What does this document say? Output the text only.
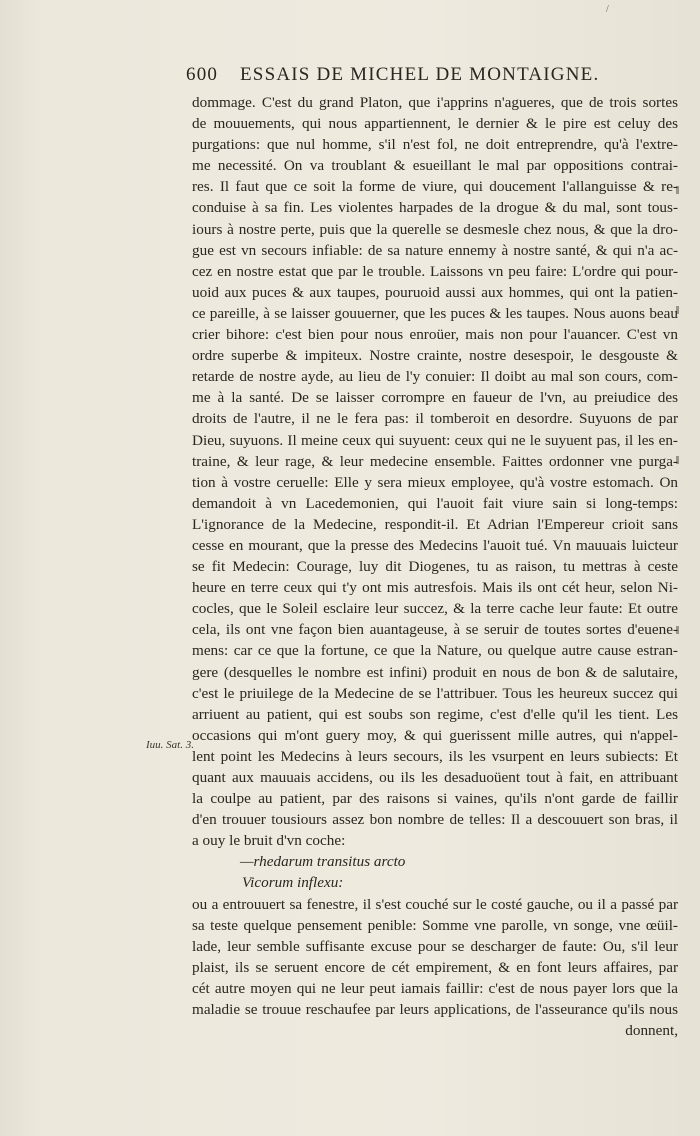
/
600 ESSAIS DE MICHEL DE MONTAIGNE.
Iuu. Sat. 3.
dommage. C'est du grand Platon, que i'apprins n'agueres, que de trois sortes
de mouuements, qui nous appartiennent, le dernier & le pire est celuy des
purgations: que nul homme, s'il n'est fol, ne doit entreprendre, qu'à l'extre-
me necessité. On va troublant & esueillant le mal par oppositions contrai-
res. Il faut que ce soit la forme de viure, qui doucement l'allanguisse & re-
conduise à sa fin. Les violentes harpades de la drogue & du mal, sont tous-
iours à nostre perte, puis que la querelle se desmesle chez nous, & que la dro-
gue est vn secours infiable: de sa nature ennemy à nostre santé, & qui n'a ac-
cez en nostre estat que par le trouble. Laissons vn peu faire: L'ordre qui pour-
uoid aux puces & aux taupes, pouruoid aussi aux hommes, qui ont la patien-
ce pareille, à se laisser gouuerner, que les puces & les taupes. Nous auons beau
crier bihore: c'est bien pour nous enroüer, mais non pour l'auancer. C'est vn
ordre superbe & impiteux. Nostre crainte, nostre desespoir, le desgouste &
retarde de nostre ayde, au lieu de l'y conuier: Il doibt au mal son cours, com-
me à la santé. De se laisser corrompre en faueur de l'vn, au preiudice des
droits de l'autre, il ne le fera pas: il tomberoit en desordre. Suyuons de par
Dieu, suyuons. Il meine ceux qui suyuent: ceux qui ne le suyuent pas, il les en-
traine, & leur rage, & leur medecine ensemble. Faittes ordonner vne purga-
tion à vostre ceruelle: Elle y sera mieux employee, qu'à vostre estomach. On
demandoit à vn Lacedemonien, qui l'auoit fait viure sain si long-temps:
L'ignorance de la Medecine, respondit-il. Et Adrian l'Empereur crioit sans
cesse en mourant, que la presse des Medecins l'auoit tué. Vn mauuais luicteur
se fit Medecin: Courage, luy dit Diogenes, tu as raison, tu mettras à ceste
heure en terre ceux qui t'y ont mis autresfois. Mais ils ont cét heur, selon Ni-
cocles, que le Soleil esclaire leur succez, & la terre cache leur faute: Et outre
cela, ils ont vne façon bien auantageuse, à se seruir de toutes sortes d'euene-
mens: car ce que la fortune, ce que la Nature, ou quelque autre cause estran-
gere (desquelles le nombre est infini) produit en nous de bon & de salutaire,
c'est le priuilege de la Medecine de se l'attribuer. Tous les heureux succez qui
arriuent au patient, qui est soubs son regime, c'est d'elle qu'il les tient. Les
occasions qui m'ont guery moy, & qui guerissent mille autres, qui n'appel-
lent point les Medecins à leurs secours, ils les vsurpent en leurs subiects: Et
quant aux mauuais accidens, ou ils les desaduoüent tout à fait, en attribuant
la coulpe au patient, par des raisons si vaines, qu'ils n'ont garde de faillir
d'en trouuer tousiours assez bon nombre de telles: Il a descouuert son bras, il
a ouy le bruit d'vn coche:
—rhedarum transitus arcto
Vicorum inflexu:
ou a entrouuert sa fenestre, il s'est couché sur le costé gauche, ou il a passé par
sa teste quelque pensement penible: Somme vne parolle, vn songe, vne œüil-
lade, leur semble suffisante excuse pour se descharger de faute: Ou, s'il leur
plaist, ils se seruent encore de cét empirement, & en font leurs affaires, par
cét autre moyen qui ne leur peut iamais faillir: c'est de nous payer lors que la
maladie se trouue reschaufee par leurs applications, de l'asseurance qu'ils nous
donnent,
